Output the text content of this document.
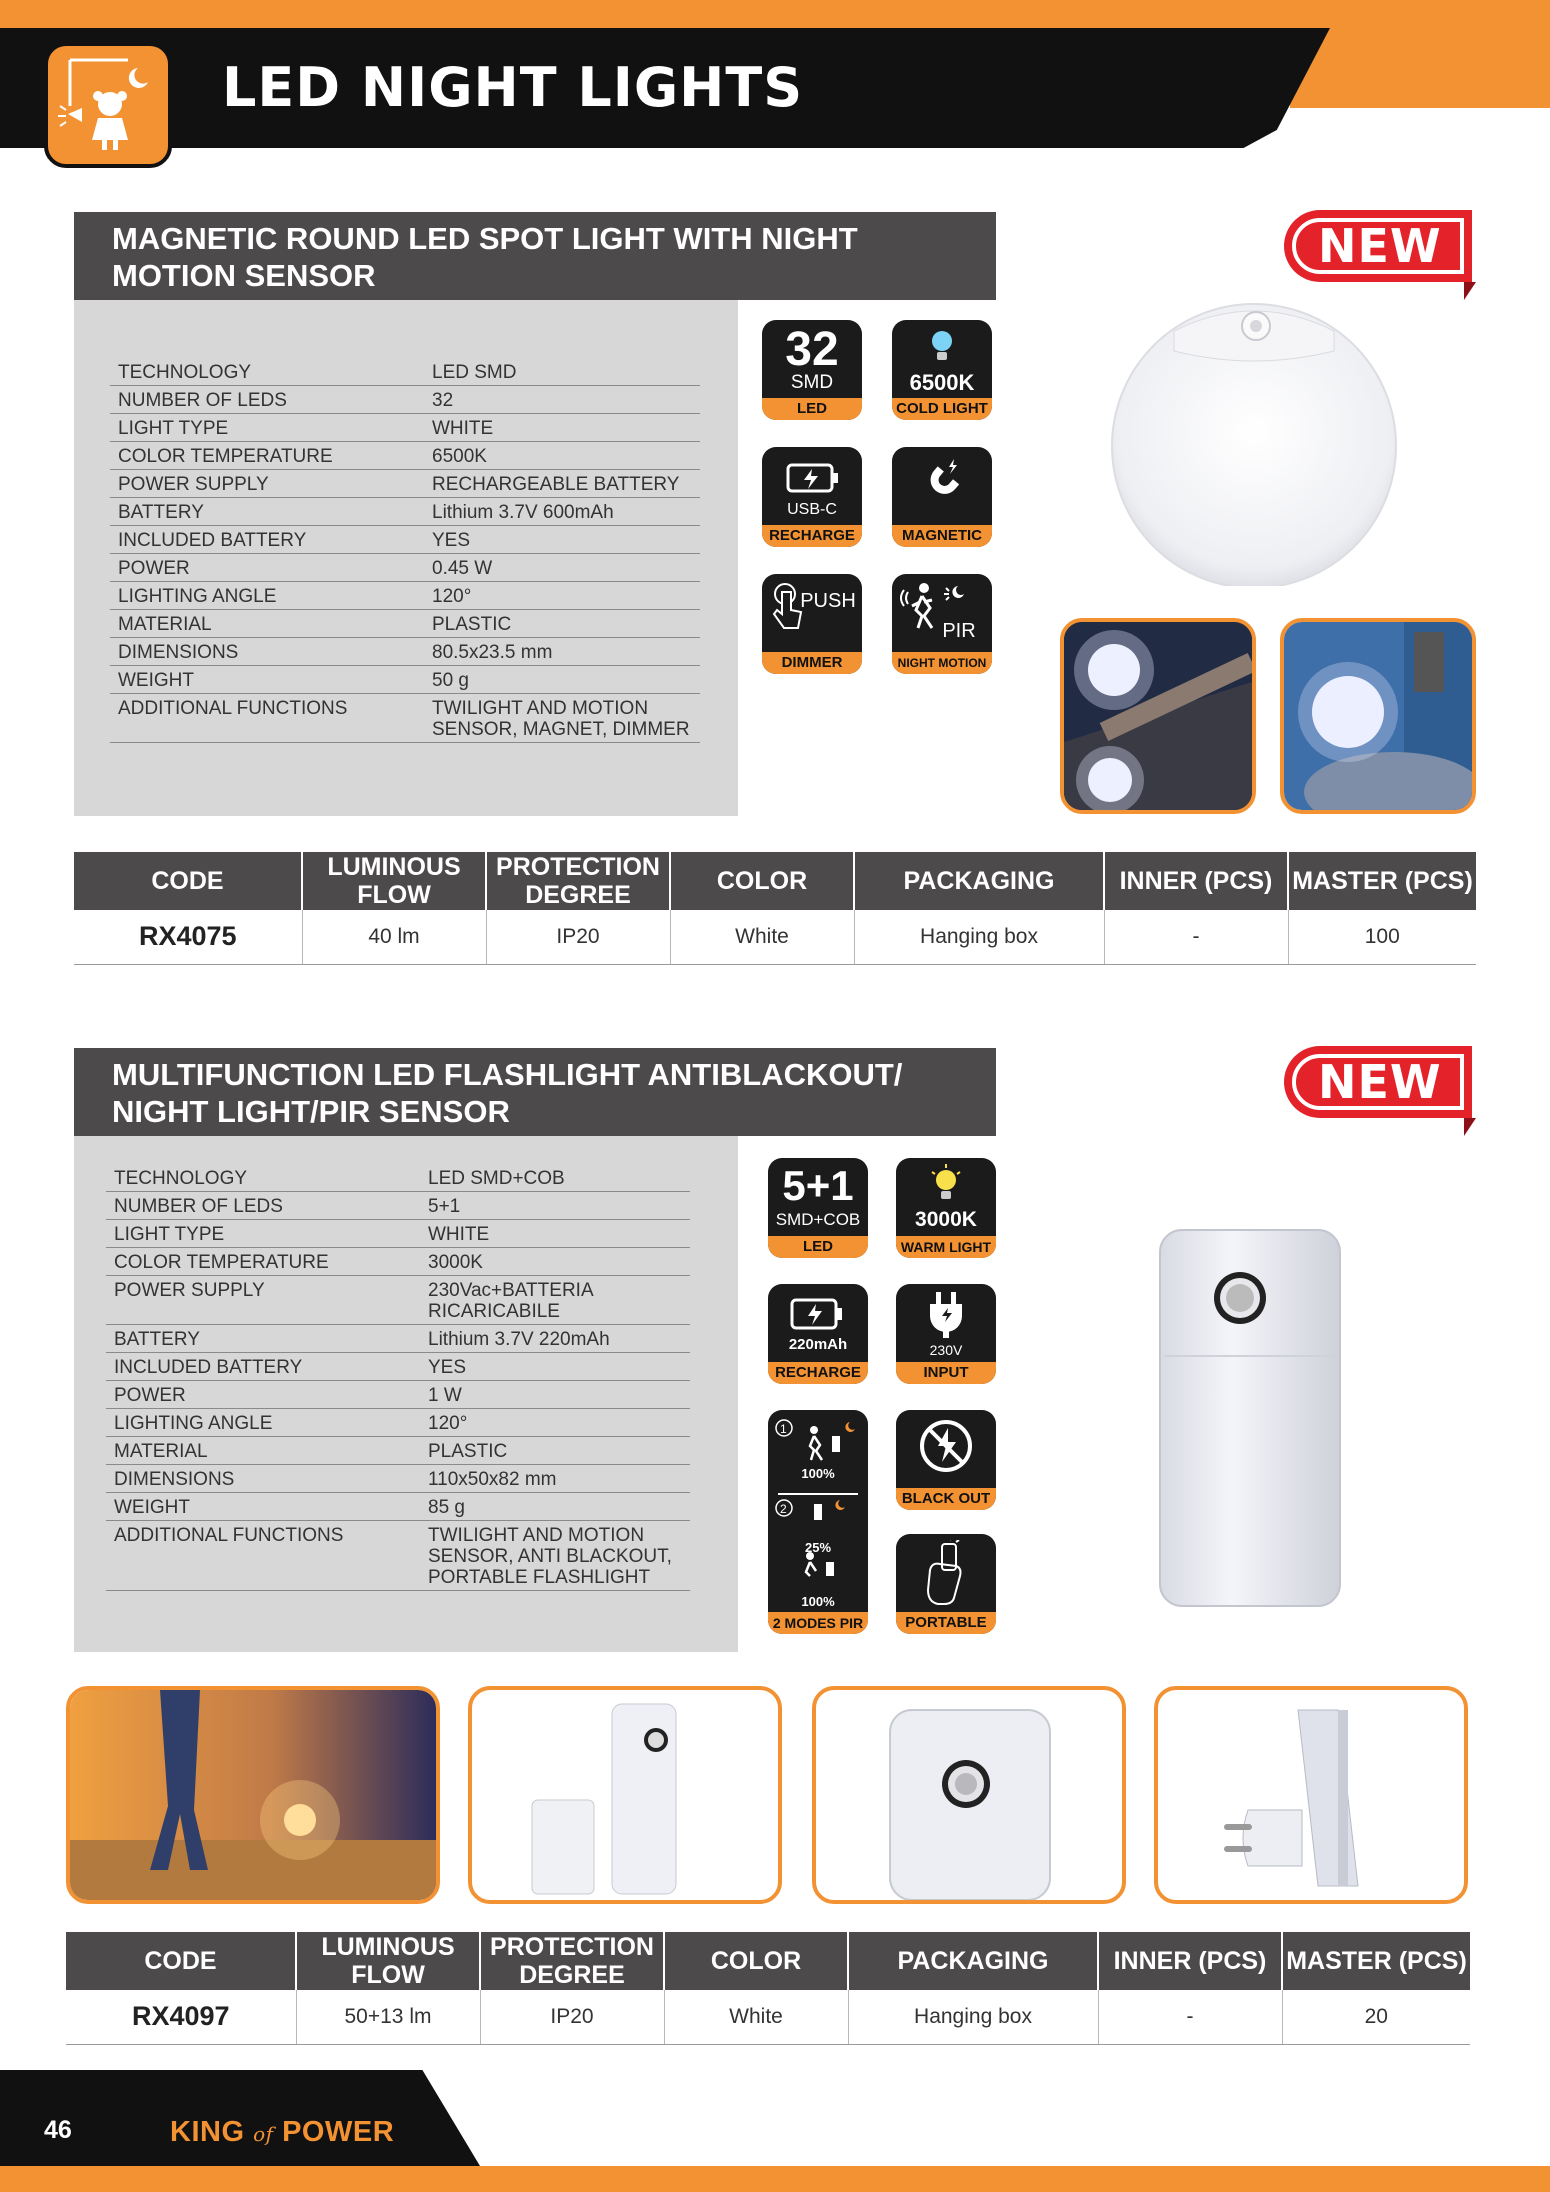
LED NIGHT LIGHTS
MAGNETIC ROUND LED SPOT LIGHT WITH NIGHT
MOTION SENSOR
TECHNOLOGY	LED SMD
NUMBER OF LEDS	32
LIGHT TYPE	WHITE
COLOR TEMPERATURE	6500K
POWER SUPPLY	RECHARGEABLE BATTERY
BATTERY	Lithium 3.7V 600mAh
INCLUDED BATTERY	YES
POWER	0.45 W
LIGHTING ANGLE	120°
MATERIAL	PLASTIC
DIMENSIONS	80.5x23.5 mm
WEIGHT	50 g
ADDITIONAL FUNCTIONS	TWILIGHT AND MOTION SENSOR, MAGNET, DIMMER
32
SMD
LED
6500K
COLD LIGHT
USB-C
RECHARGE	MAGNETIC
PUSH
DIMMER
PIR
NIGHT MOTION
NEW
CODE	LUMINOUS FLOW	PROTECTION DEGREE	COLOR	PACKAGING	INNER (PCS)	MASTER (PCS)
RX4075	40 lm	IP20	White	Hanging box	-	100
MULTIFUNCTION LED FLASHLIGHT ANTIBLACKOUT/
NIGHT LIGHT/PIR SENSOR
TECHNOLOGY	LED SMD+COB
NUMBER OF LEDS	5+1
LIGHT TYPE	WHITE
COLOR TEMPERATURE	3000K
POWER SUPPLY	230Vac+BATTERIA RICARICABILE
BATTERY	Lithium 3.7V 220mAh
INCLUDED BATTERY	YES
POWER	1 W
LIGHTING ANGLE	120°
MATERIAL	PLASTIC
DIMENSIONS	110x50x82 mm
WEIGHT	85 g
ADDITIONAL FUNCTIONS	TWILIGHT AND MOTION SENSOR, ANTI BLACKOUT, PORTABLE FLASHLIGHT
5+1
SMD+COB
LED
3000K
WARM LIGHT
220mAh
RECHARGE
230V
INPUT
1
2
100%
25%
100%
2 MODES PIR
BLACK OUT
PORTABLE
NEW
CODE	LUMINOUS FLOW	PROTECTION DEGREE	COLOR	PACKAGING	INNER (PCS)	MASTER (PCS)
RX4097	50+13 lm	IP20	White	Hanging box	-	20
46	KING of POWER
